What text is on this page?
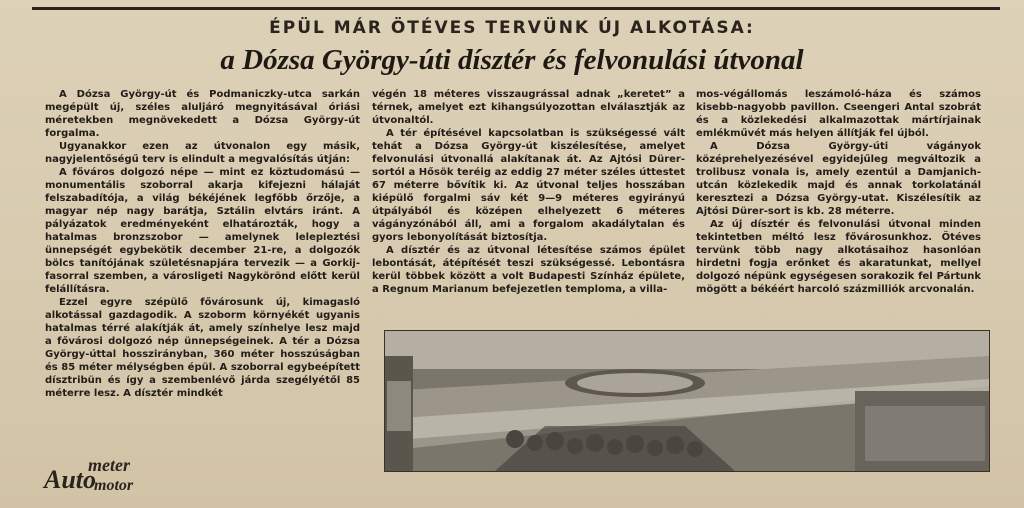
ÉPÜL MÁR ÖTÉVES TERVÜNK ÚJ ALKOTÁSA:
a Dózsa György-úti dísztér és felvonulási útvonal

A Dózsa György-út és Podmaniczky-utca sarkán megépült új, széles aluljáró megnyitásával óriási méretekben megnövekedett a Dózsa György-út forgalma.

Ugyanakkor ezen az útvonalon egy másik, nagyjelentőségű terv is elindult a megvalósítás útján:

A főváros dolgozó népe — mint ez köztudomású — monumentális szoborral akarja kifejezni hálaját felszabadítója, a világ békéjének legfőbb őrzője, a magyar nép nagy barátja, Sztálin elvtárs iránt. A pályázatok eredményeként elhatározták, hogy a hatalmas bronzszobor — amelynek lelepleztési ünnepségét egybekötik december 21-re, a dolgozók bölcs tanítójának születésnapjára tervezik — a Gorkij-fasorral szemben, a városligeti Nagykörönd előtt kerül felállításra.

Ezzel egyre szépülő fővárosunk új, kimagasló alkotással gazdagodik. A szoborm környékét ugyanis hatalmas térré alakítják át, amely színhelye lesz majd a fővárosi dolgozó nép ünnepségeinek. A tér a Dózsa György-úttal hosszirányban, 360 méter hosszúságban és 85 méter mélységben épül. A szoborral egybeépített dísztribün és így a szembenlévő járda szegélyétől 85 méterre lesz. A dísztér mindkét

végén 18 méteres visszaugrással adnak „keretet” a térnek, amelyet ezt kihangsúlyozottan elválasztják az útvonaltól.

A tér építésével kapcsolatban is szükségessé vált tehát a Dózsa György-út kiszélesítése, amelyet felvonulási útvonallá alakítanak át. Az Ajtósi Dürer-sortól a Hősök teréig az eddig 27 méter széles úttestet 67 méterre bővítik ki. Az útvonal teljes hosszában kiépülő forgalmi sáv két 9—9 méteres egyirányú útpályából és középen elhelyezett 6 méteres vágányzónából áll, ami a forgalom akadálytalan és gyors lebonyolítását biztosítja.

A dísztér és az útvonal létesítése számos épület lebontását, átépítését teszi szükségessé. Lebontásra kerül többek között a volt Budapesti Színház épülete, a Regnum Marianum befejezetlen temploma, a villa-

mos-végállomás leszámoló-háza és számos kisebb-nagyobb pavillon. Cseengeri Antal szobrát és a közlekedési alkalmazottak mártírjainak emlékművét más helyen állítják fel újból.

A Dózsa György-úti vágányok középrehelyezésével egyidejűleg megváltozik a trolibusz vonala is, amely ezentúl a Damjanich-utcán közlekedik majd és annak torkolatánál keresztezi a Dózsa György-utat. Kiszélesítik az Ajtósi Dürer-sort is kb. 28 méterre.

Az új dísztér és felvonulási útvonal minden tekintetben méltó lesz fővárosunkhoz. Ötéves tervünk több nagy alkotásaihoz hasonlóan hirdetni fogja erőnket és akaratunkat, mellyel dolgozó népünk egységesen sorakozik fel Pártunk mögött a békéért harcoló százmilliók arcvonalán.

meter
Auto
motor
